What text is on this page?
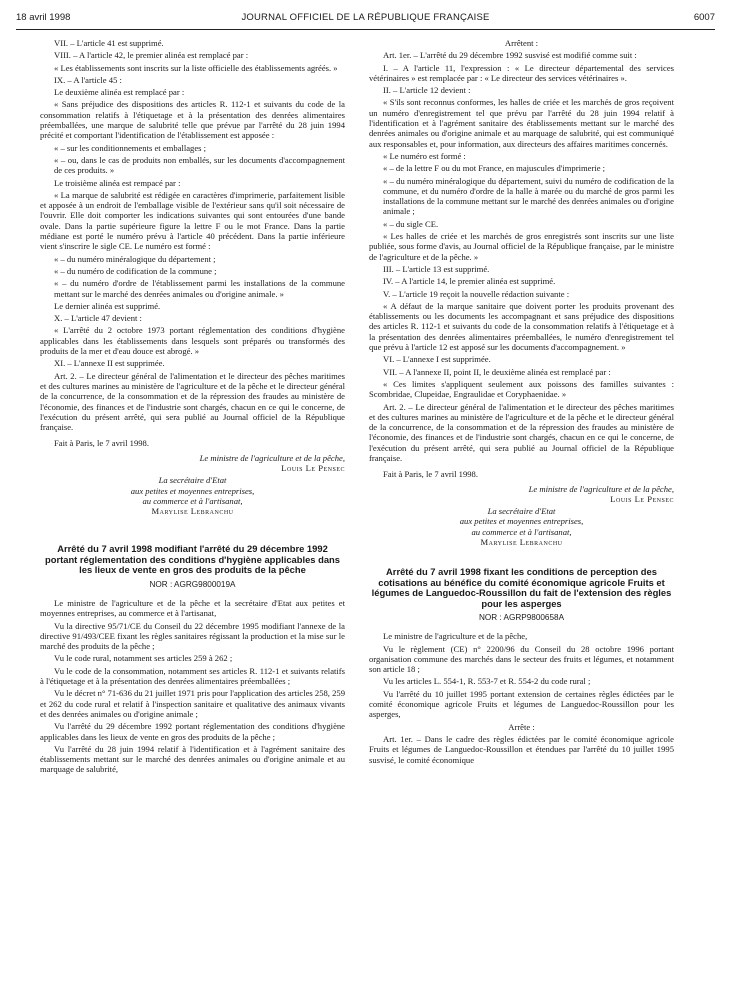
18 avril 1998	JOURNAL OFFICIEL DE LA RÉPUBLIQUE FRANÇAISE	6007

VII. – L'article 41 est supprimé.

VIII. – A l'article 42, le premier alinéa est remplacé par :

« Les établissements sont inscrits sur la liste officielle des établissements agréés. »

IX. – A l'article 45 :

Le deuxième alinéa est remplacé par :

« Sans préjudice des dispositions des articles R. 112-1 et suivants du code de la consommation relatifs à l'étiquetage et à la présentation des denrées alimentaires préemballées, une marque de salubrité telle que prévue par l'arrêté du 28 juin 1994 précité et comportant l'identification de l'établissement est apposée :

« – sur les conditionnements et emballages ;

« – ou, dans le cas de produits non emballés, sur les documents d'accompagnement de ces produits. »

Le troisième alinéa est rempacé par :

« La marque de salubrité est rédigée en caractères d'imprimerie, parfaitement lisible et apposée à un endroit de l'emballage visible de l'extérieur sans qu'il soit nécessaire de l'ouvrir. Elle doit comporter les indications suivantes qui sont entourées d'une bande ovale. Dans la partie supérieure figure la lettre F ou le mot France. Dans la partie médiane est porté le numéro prévu à l'article 40 précédent. Dans la partie inférieure vient s'inscrire le sigle CE. Le numéro est formé :

« – du numéro minéralogique du département ;

« – du numéro de codification de la commune ;

« – du numéro d'ordre de l'établissement parmi les installations de la commune mettant sur le marché des denrées animales ou d'origine animale. »

Le dernier alinéa est supprimé.

X. – L'article 47 devient :

« L'arrêté du 2 octobre 1973 portant réglementation des conditions d'hygiène applicables dans les établissements dans lesquels sont préparés ou transformés des produits de la mer et d'eau douce est abrogé. »

XI. – L'annexe II est supprimée.

Art. 2. – Le directeur général de l'alimentation et le directeur des pêches maritimes et des cultures marines au ministère de l'agriculture et de la pêche et le directeur général de la concurrence, de la consommation et de la répression des fraudes au ministère de l'économie, des finances et de l'industrie sont chargés, chacun en ce qui le concerne, de l'exécution du présent arrêté, qui sera publié au Journal officiel de la République française.

Fait à Paris, le 7 avril 1998.

Le ministre de l'agriculture et de la pêche,

Louis Le Pensec

La secrétaire d'Etat

aux petites et moyennes entreprises,

au commerce et à l'artisanat,

Marylise Lebranchu

Arrêté du 7 avril 1998 modifiant l'arrêté du 29 décembre 1992 portant réglementation des conditions d'hygiène applicables dans les lieux de vente en gros des produits de la pêche
NOR : AGRG9800019A

Le ministre de l'agriculture et de la pêche et la secrétaire d'Etat aux petites et moyennes entreprises, au commerce et à l'artisanat,

Vu la directive 95/71/CE du Conseil du 22 décembre 1995 modifiant l'annexe de la directive 91/493/CEE fixant les règles sanitaires régissant la production et la mise sur le marché des produits de la pêche ;

Vu le code rural, notamment ses articles 259 à 262 ;

Vu le code de la consommation, notamment ses articles R. 112-1 et suivants relatifs à l'étiquetage et à la présentation des denrées alimentaires préemballées ;

Vu le décret n° 71-636 du 21 juillet 1971 pris pour l'application des articles 258, 259 et 262 du code rural et relatif à l'inspection sanitaire et qualitative des animaux vivants et des denrées animales ou d'origine animale ;

Vu l'arrêté du 29 décembre 1992 portant réglementation des conditions d'hygiène applicables dans les lieux de vente en gros des produits de la pêche ;

Vu l'arrêté du 28 juin 1994 relatif à l'identification et à l'agrément sanitaire des établissements mettant sur le marché des denrées animales ou d'origine animale et au marquage de salubrité,

Arrêtent :

Art. 1er. – L'arrêté du 29 décembre 1992 susvisé est modifié comme suit :

I. – A l'article 11, l'expression : « Le directeur départemental des services vétérinaires » est remplacée par : « Le directeur des services vétérinaires ».

II. – L'article 12 devient :

« S'ils sont reconnus conformes, les halles de criée et les marchés de gros reçoivent un numéro d'enregistrement tel que prévu par l'arrêté du 28 juin 1994 relatif à l'identification et à l'agrément sanitaire des établissements mettant sur le marché des denrées animales ou d'origine animale et au marquage de salubrité, qui est communiqué aux responsables et, pour information, aux directeurs des affaires maritimes concernés.

« Le numéro est formé :

« – de la lettre F ou du mot France, en majuscules d'imprimerie ;

« – du numéro minéralogique du département, suivi du numéro de codification de la commune, et du numéro d'ordre de la halle à marée ou du marché de gros parmi les installations de la commune mettant sur le marché des denrées animales ou d'origine animale ;

« – du sigle CE.

« Les halles de criée et les marchés de gros enregistrés sont inscrits sur une liste publiée, sous forme d'avis, au Journal officiel de la République française, par le ministre de l'agriculture et de la pêche. »

III. – L'article 13 est supprimé.

IV. – A l'article 14, le premier alinéa est supprimé.

V. – L'article 19 reçoit la nouvelle rédaction suivante :

« A défaut de la marque sanitaire que doivent porter les produits provenant des établissements ou les documents les accompagnant et sans préjudice des dispositions des articles R. 112-1 et suivants du code de la consommation relatifs à l'étiquetage et à la présentation des denrées alimentaires préemballées, le numéro d'enregistrement tel que prévu à l'article 12 est apposé sur les documents d'accompagnement. »

VI. – L'annexe I est supprimée.

VII. – A l'annexe II, point II, le deuxième alinéa est remplacé par :

« Ces limites s'appliquent seulement aux poissons des familles suivantes : Scombridae, Clupeidae, Engraulidae et Coryphaenidae. »

Art. 2. – Le directeur général de l'alimentation et le directeur des pêches maritimes et des cultures marines au ministère de l'agriculture et de la pêche et le directeur général de la concurrence, de la consommation et de la répression des fraudes au ministère de l'économie, des finances et de l'industrie sont chargés, chacun en ce qui le concerne, de l'exécution du présent arrêté, qui sera publié au Journal officiel de la République française.

Fait à Paris, le 7 avril 1998.

Le ministre de l'agriculture et de la pêche,

Louis Le Pensec

La secrétaire d'Etat

aux petites et moyennes entreprises,

au commerce et à l'artisanat,

Marylise Lebranchu

Arrêté du 7 avril 1998 fixant les conditions de perception des cotisations au bénéfice du comité économique agricole Fruits et légumes de Languedoc-Roussillon du fait de l'extension des règles pour les asperges
NOR : AGRP9800658A

Le ministre de l'agriculture et de la pêche,

Vu le règlement (CE) n° 2200/96 du Conseil du 28 octobre 1996 portant organisation commune des marchés dans le secteur des fruits et légumes, et notamment son article 18 ;

Vu les articles L. 554-1, R. 553-7 et R. 554-2 du code rural ;

Vu l'arrêté du 10 juillet 1995 portant extension de certaines règles édictées par le comité économique agricole Fruits et légumes de Languedoc-Roussillon pour les asperges,

Arrête :

Art. 1er. – Dans le cadre des règles édictées par le comité économique agricole Fruits et légumes de Languedoc-Roussillon et étendues par l'arrêté du 10 juillet 1995 susvisé, le comité économique
